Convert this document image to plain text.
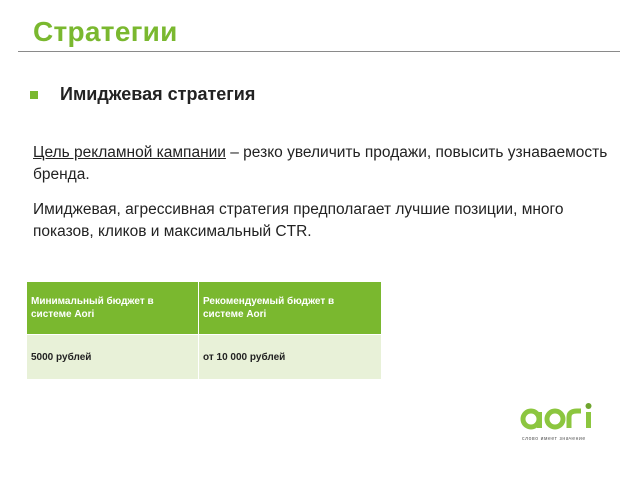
Стратегии
Имиджевая стратегия
Цель рекламной кампании – резко увеличить продажи, повысить узнаваемость бренда.
Имиджевая, агрессивная стратегия предполагает лучшие позиции, много показов, кликов и максимальный CTR.
Минимальный бюджет в системе Aori	Рекомендуемый бюджет в системе Aori
5000 рублей	от 10 000 рублей
слово имеет значение
